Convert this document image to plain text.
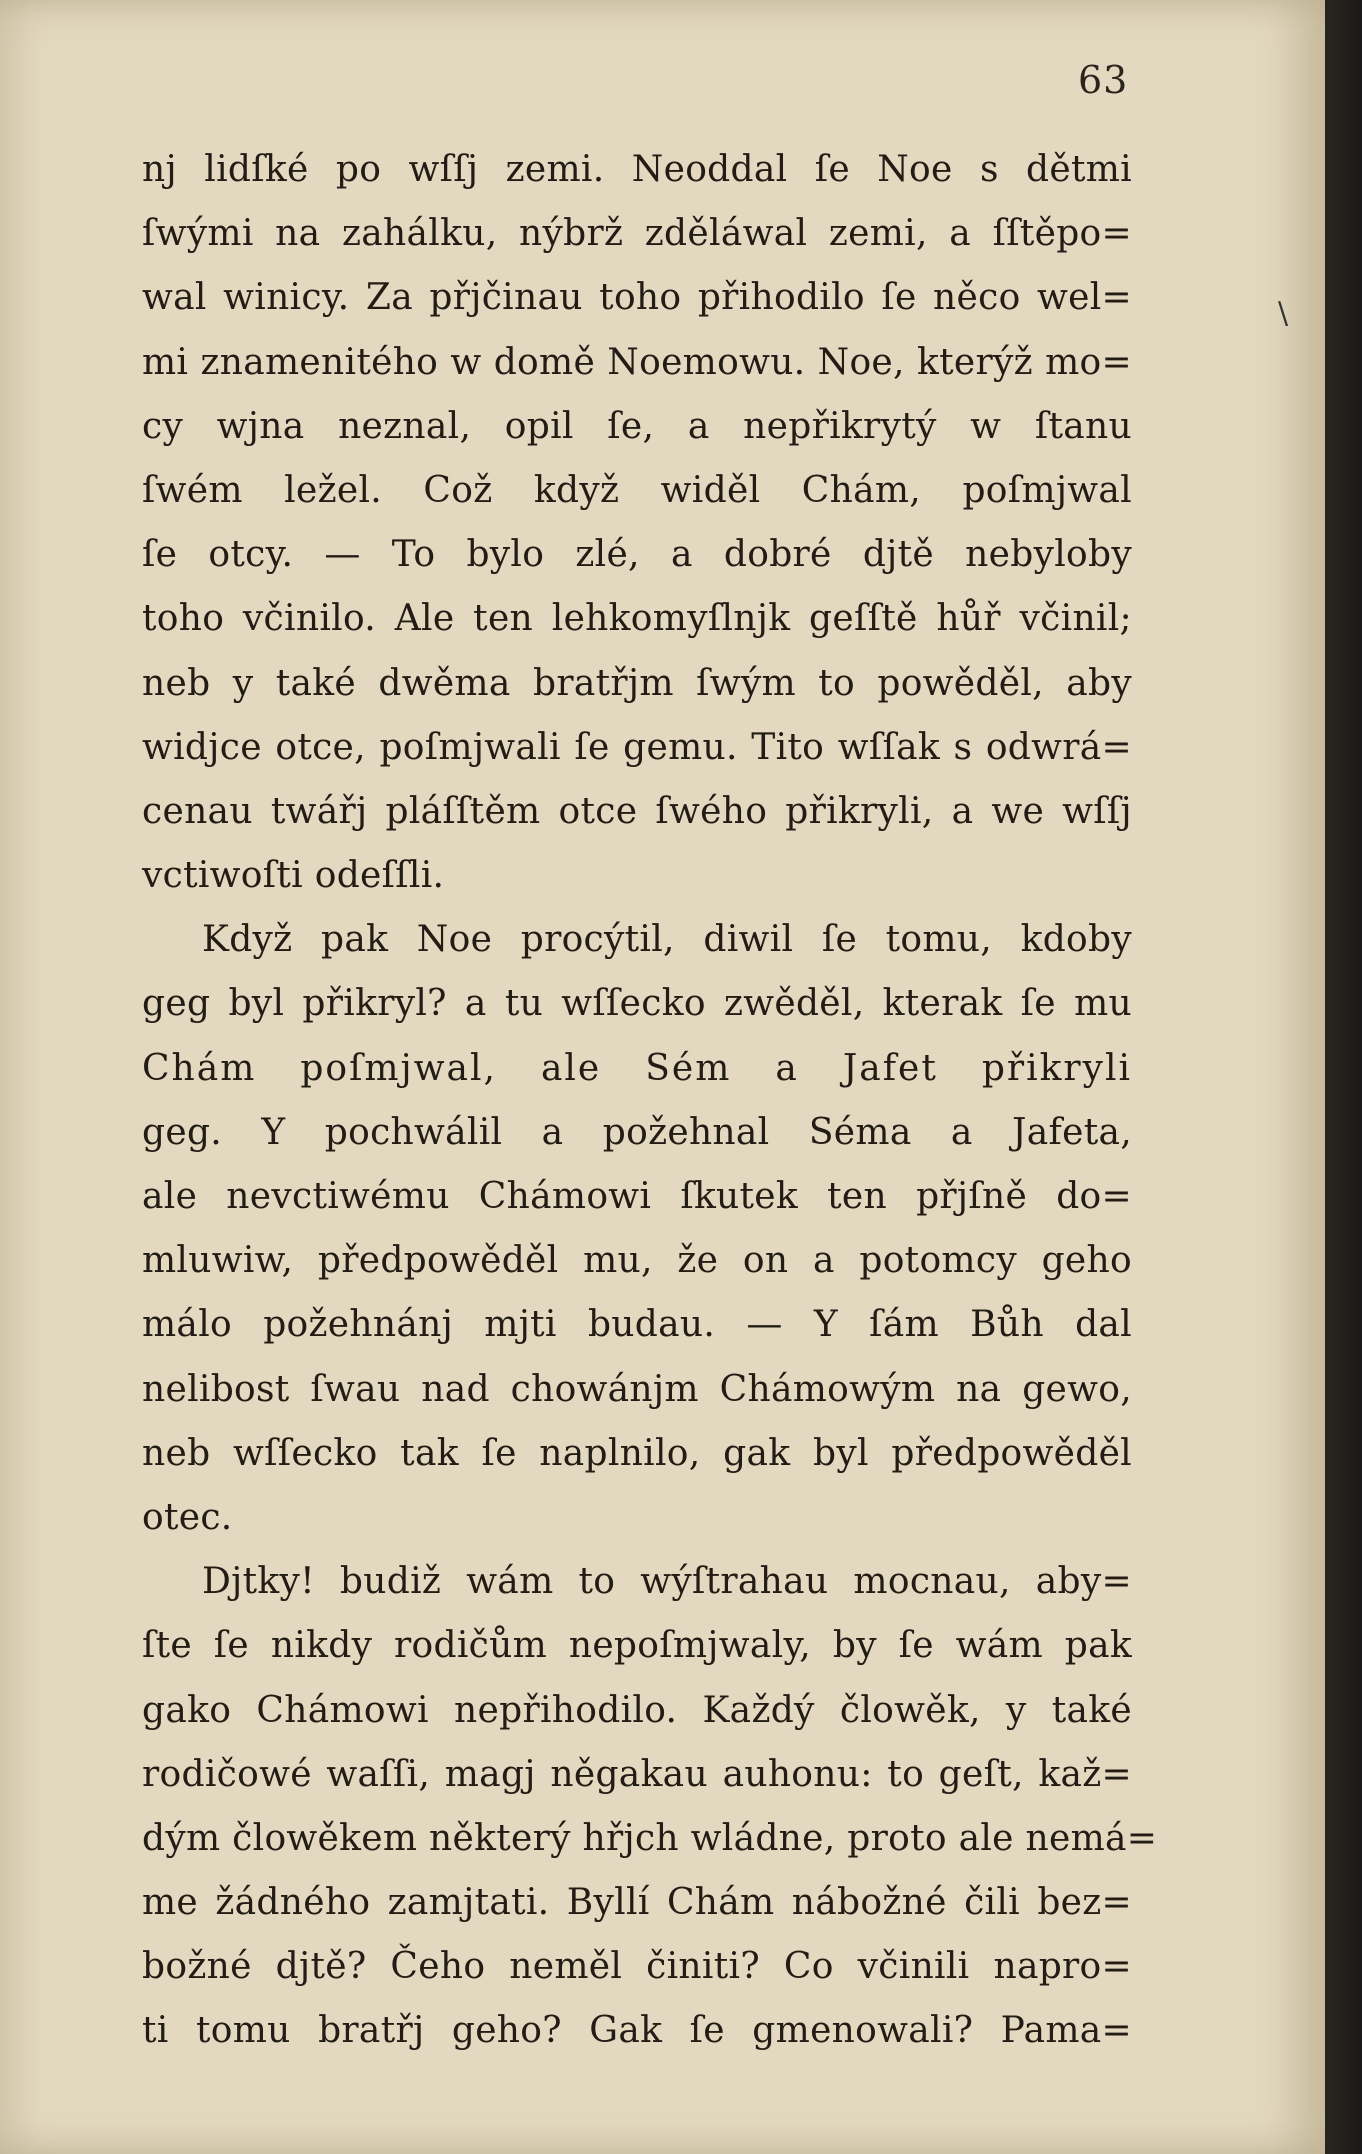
63
\
nj lidſké po wſſj zemi. Neoddal ſe Noe s dětmi
ſwými na zahálku, nýbrž zděláwal zemi, a ſſtěpo=
wal winicy. Za přjčinau toho přihodilo ſe něco wel=
mi znamenitého w domě Noemowu. Noe, kterýž mo=
cy wjna neznal, opil ſe, a nepřikrytý w ſtanu
ſwém ležel. Což když widěl Chám, poſmjwal
ſe otcy. — To bylo zlé, a dobré djtě nebyloby
toho včinilo. Ale ten lehkomyſlnjk geſſtě hůř včinil;
neb y také dwěma bratřjm ſwým to powěděl, aby
widjce otce, poſmjwali ſe gemu. Tito wſſak s odwrá=
cenau twářj pláſſtěm otce ſwého přikryli, a we wſſj
vctiwoſti odeſſli.
Když pak Noe procýtil, diwil ſe tomu, kdoby
geg byl přikryl? a tu wſſecko zwěděl, kterak ſe mu
Chám poſmjwal, ale Sém a Jafet přikryli
geg. Y pochwálil a požehnal Séma a Jafeta,
ale nevctiwému Chámowi ſkutek ten přjſně do=
mluwiw, předpowěděl mu, že on a potomcy geho
málo požehnánj mjti budau. — Y ſám Bůh dal
nelibost ſwau nad chowánjm Chámowým na gewo,
neb wſſecko tak ſe naplnilo, gak byl předpowěděl
otec.
Djtky! budiž wám to wýſtrahau mocnau, aby=
ſte ſe nikdy rodičům nepoſmjwaly, by ſe wám pak
gako Chámowi nepřihodilo. Každý člowěk, y také
rodičowé waſſi, magj něgakau auhonu: to geſt, kaž=
dým člowěkem některý hřjch wládne, proto ale nemá=
me žádného zamjtati. Byllí Chám nábožné čili bez=
božné djtě? Čeho neměl činiti? Co včinili napro=
ti tomu bratřj geho? Gak ſe gmenowali? Pama=
